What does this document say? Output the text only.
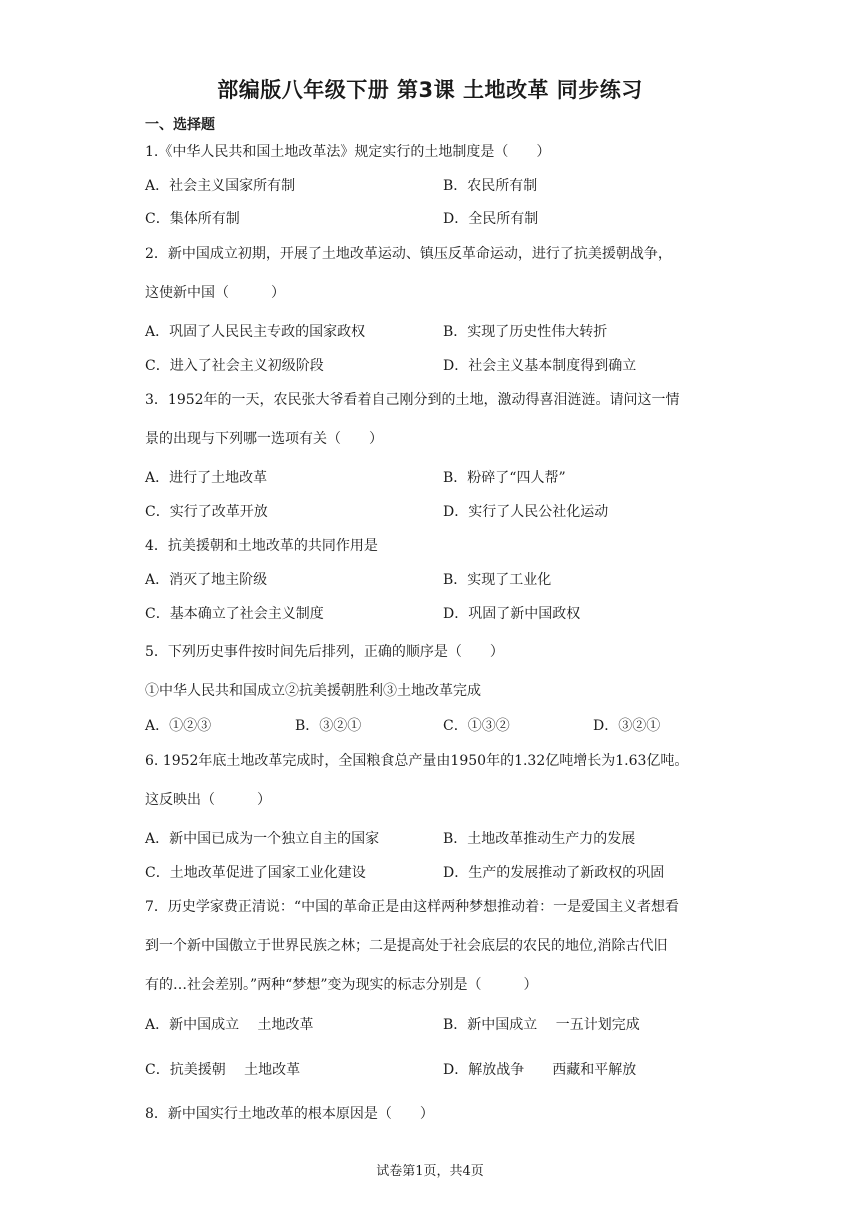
部编版八年级下册 第3课 土地改革 同步练习
一、选择题
1.《中华人民共和国土地改革法》规定实行的土地制度是（　　）
A．社会主义国家所有制	B．农民所有制
C．集体所有制	D．全民所有制
2．新中国成立初期，开展了土地改革运动、镇压反革命运动，进行了抗美援朝战争，
这使新中国（　　　）
A．巩固了人民民主专政的国家政权	B．实现了历史性伟大转折
C．进入了社会主义初级阶段	D．社会主义基本制度得到确立
3．1952年的一天，农民张大爷看着自己刚分到的土地，激动得喜泪涟涟。请问这一情
景的出现与下列哪一选项有关（　　）
A．进行了土地改革	B．粉碎了“四人帮”
C．实行了改革开放	D．实行了人民公社化运动
4．抗美援朝和土地改革的共同作用是
A．消灭了地主阶级	B．实现了工业化
C．基本确立了社会主义制度	D．巩固了新中国政权
5．下列历史事件按时间先后排列，正确的顺序是（　　）
①中华人民共和国成立②抗美援朝胜利③土地改革完成
A．①②③	B．③②①	C．①③②	D．③②①
6. 1952年底土地改革完成时，全国粮食总产量由1950年的1.32亿吨增长为1.63亿吨。
这反映出（　　　）
A．新中国已成为一个独立自主的国家	B．土地改革推动生产力的发展
C．土地改革促进了国家工业化建设	D．生产的发展推动了新政权的巩固
7．历史学家费正清说：“中国的革命正是由这样两种梦想推动着：一是爱国主义者想看
到一个新中国傲立于世界民族之林；二是提高处于社会底层的农民的地位,消除古代旧
有的…社会差别。”两种“梦想”变为现实的标志分别是（　　　）
A．新中国成立　 土地改革	B．新中国成立　 一五计划完成
C．抗美援朝　 土地改革	D．解放战争　　西藏和平解放
8．新中国实行土地改革的根本原因是（　　）
试卷第1页，共4页
